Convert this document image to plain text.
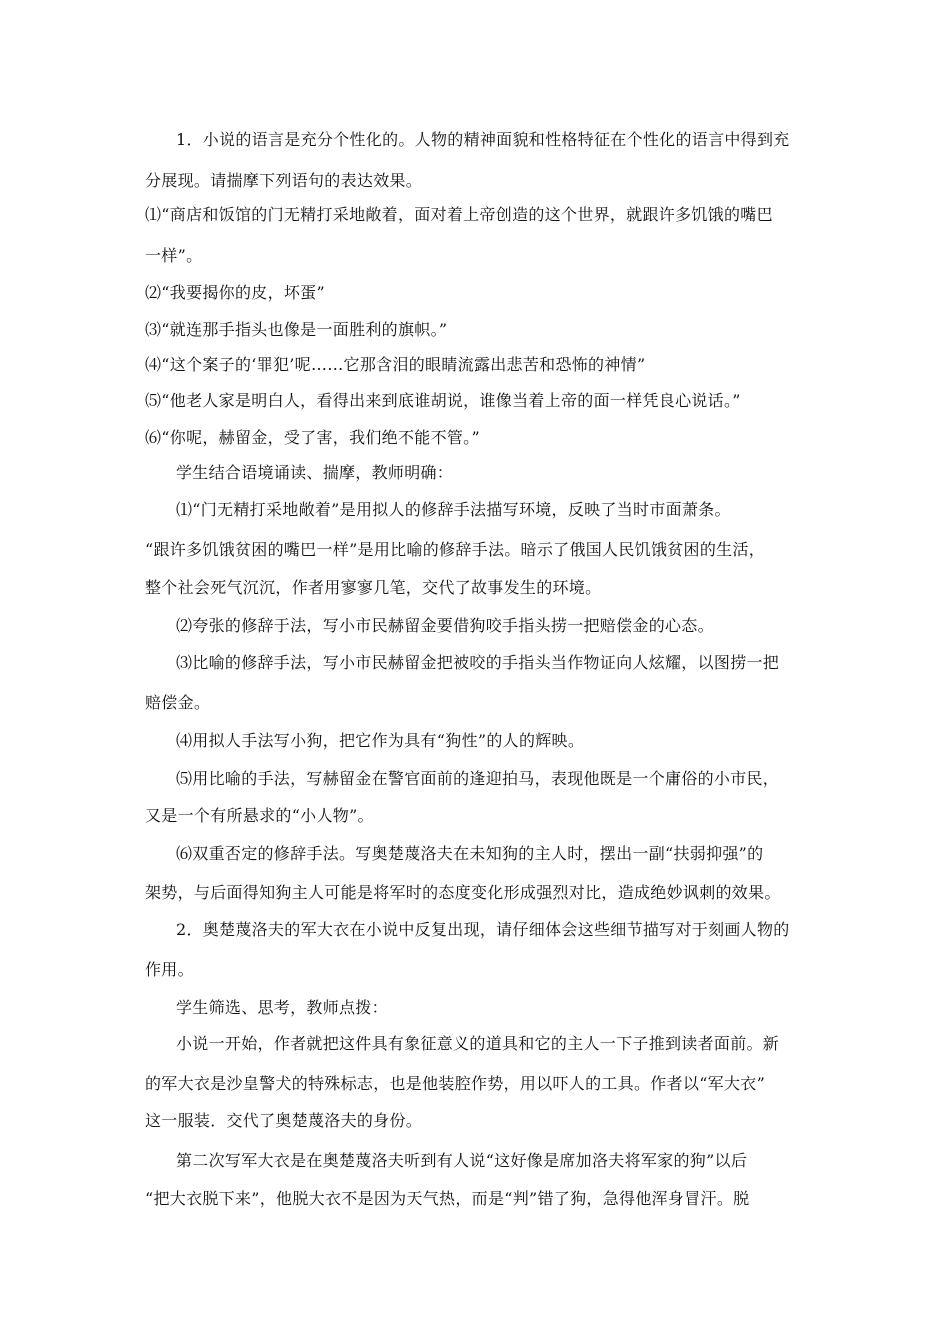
1．小说的语言是充分个性化的。人物的精神面貌和性格特征在个性化的语言中得到充
分展现。请揣摩下列语句的表达效果。
⑴“商店和饭馆的门无精打采地敞着，面对着上帝创造的这个世界，就跟许多饥饿的嘴巴
一样”。
⑵“我要揭你的皮，坏蛋”
⑶“就连那手指头也像是一面胜利的旗帜。”
⑷“这个案子的‘罪犯’呢……它那含泪的眼睛流露出悲苦和恐怖的神情”
⑸“他老人家是明白人，看得出来到底谁胡说，谁像当着上帝的面一样凭良心说话。”
⑹“你呢，赫留金，受了害，我们绝不能不管。”
学生结合语境诵读、揣摩，教师明确：
⑴“门无精打采地敞着”是用拟人的修辞手法描写环境，反映了当时市面萧条。
“跟许多饥饿贫困的嘴巴一样”是用比喻的修辞手法。暗示了俄国人民饥饿贫困的生活，
整个社会死气沉沉，作者用寥寥几笔，交代了故事发生的环境。
⑵夸张的修辞于法，写小市民赫留金要借狗咬手指头捞一把赔偿金的心态。
⑶比喻的修辞手法，写小市民赫留金把被咬的手指头当作物证向人炫耀，以图捞一把
赔偿金。
⑷用拟人手法写小狗，把它作为具有“狗性”的人的辉映。
⑸用比喻的手法，写赫留金在警官面前的逢迎拍马，表现他既是一个庸俗的小市民，
又是一个有所悬求的“小人物”。
⑹双重否定的修辞手法。写奥楚蔑洛夫在未知狗的主人时，摆出一副“扶弱抑强”的
架势，与后面得知狗主人可能是将军时的态度变化形成强烈对比，造成绝妙讽刺的效果。
2．奥楚蔑洛夫的军大衣在小说中反复出现，请仔细体会这些细节描写对于刻画人物的
作用。
学生筛选、思考，教师点拨：
小说一开始，作者就把这件具有象征意义的道具和它的主人一下子推到读者面前。新
的军大衣是沙皇警犬的特殊标志，也是他装腔作势，用以吓人的工具。作者以“军大衣”
这一服装．交代了奥楚蔑洛夫的身份。
第二次写军大衣是在奥楚蔑洛夫听到有人说“这好像是席加洛夫将军家的狗”以后
“把大衣脱下来”，他脱大衣不是因为天气热，而是“判”错了狗，急得他浑身冒汗。脱
